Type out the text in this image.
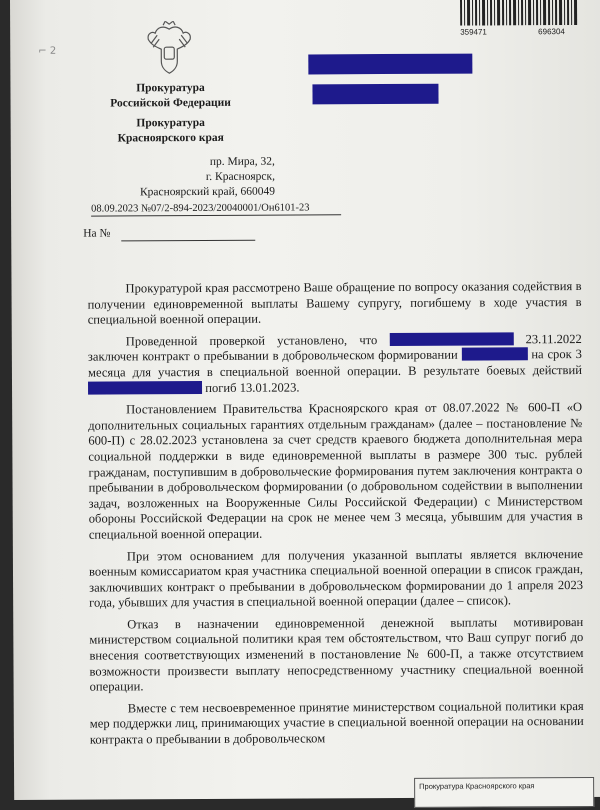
⌐ 2
Прокуратура
Российской Федерации
Прокуратура
Красноярского края
пр. Мира, 32,
г. Красноярск,
Красноярский край, 660049
08.09.2023 №07/2-894-2023/20040001/Он6101-23
На №
359471	696304

Прокуратурой края рассмотрено Ваше обращение по вопросу оказания содействия в получении единовременной выплаты Вашему супругу, погибшему в ходе участия в специальной военной операции.

Проведенной проверкой установлено, что	23.11.2022 заключен контракт о пребывании в добровольческом формировании	на срок 3 месяца для участия в специальной военной операции. В результате боевых действий  погиб 13.01.2023.

Постановлением Правительства Красноярского края от 08.07.2022 № 600-П «О дополнительных социальных гарантиях отдельным гражданам» (далее – постановление № 600-П) с 28.02.2023 установлена за счет средств краевого бюджета дополнительная мера социальной поддержки в виде единовременной выплаты в размере 300 тыс. рублей гражданам, поступившим в добровольческие формирования путем заключения контракта о пребывании в добровольческом формировании (о добровольном содействии в выполнении задач, возложенных на Вооруженные Силы Российской Федерации) с Министерством обороны Российской Федерации на срок не менее чем 3 месяца, убывшим для участия в специальной военной операции.

При этом основанием для получения указанной выплаты является включение военным комиссариатом края участника специальной военной операции в список граждан, заключивших контракт о пребывании в добровольческом формировании до 1 апреля 2023 года, убывших для участия в специальной военной операции (далее – список).

Отказ в назначении единовременной денежной выплаты мотивирован министерством социальной политики края тем обстоятельством, что Ваш супруг погиб до внесения соответствующих изменений в постановление № 600-П, а также отсутствием возможности произвести выплату непосредственному участнику специальной военной операции.

Вместе с тем несвоевременное принятие министерством социальной политики края мер поддержки лиц, принимающих участие в специальной военной операции на основании контракта о пребывании в добровольческом

Прокуратура Красноярского края
